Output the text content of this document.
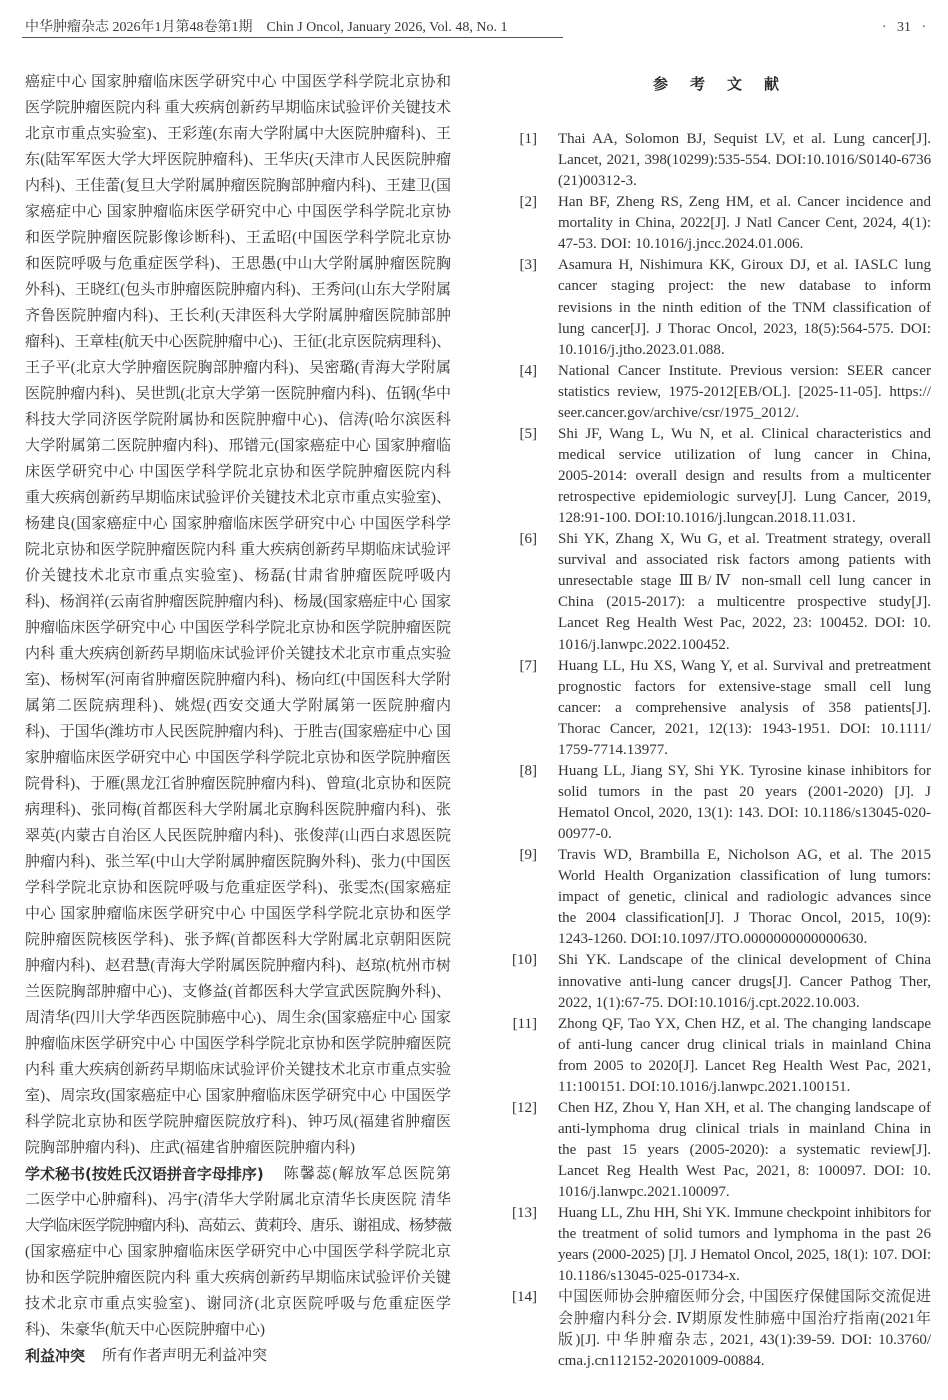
中华肿瘤杂志 2026年1月第48卷第1期 Chin J Oncol, January 2026, Vol. 48, No. 1	· 31 ·
癌症中心 国家肿瘤临床医学研究中心 中国医学科学院北京协和
医学院肿瘤医院内科 重大疾病创新药早期临床试验评价关键技术
北京市重点实验室)、王彩莲(东南大学附属中大医院肿瘤科)、王
东(陆军军医大学大坪医院肿瘤科)、王华庆(天津市人民医院肿瘤
内科)、王佳蕾(复旦大学附属肿瘤医院胸部肿瘤内科)、王建卫(国
家癌症中心 国家肿瘤临床医学研究中心 中国医学科学院北京协
和医学院肿瘤医院影像诊断科)、王孟昭(中国医学科学院北京协
和医院呼吸与危重症医学科)、王思愚(中山大学附属肿瘤医院胸
外科)、王晓红(包头市肿瘤医院肿瘤内科)、王秀问(山东大学附属
齐鲁医院肿瘤内科)、王长利(天津医科大学附属肿瘤医院肺部肿
瘤科)、王章桂(航天中心医院肿瘤中心)、王征(北京医院病理科)、
王子平(北京大学肿瘤医院胸部肿瘤内科)、吴密璐(青海大学附属
医院肿瘤内科)、吴世凯(北京大学第一医院肿瘤内科)、伍钢(华中
科技大学同济医学院附属协和医院肿瘤中心)、信涛(哈尔滨医科
大学附属第二医院肿瘤内科)、邢镨元(国家癌症中心 国家肿瘤临
床医学研究中心 中国医学科学院北京协和医学院肿瘤医院内科
重大疾病创新药早期临床试验评价关键技术北京市重点实验室)、
杨建良(国家癌症中心 国家肿瘤临床医学研究中心 中国医学科学
院北京协和医学院肿瘤医院内科 重大疾病创新药早期临床试验评
价关键技术北京市重点实验室)、杨磊(甘肃省肿瘤医院呼吸内
科)、杨润祥(云南省肿瘤医院肿瘤内科)、杨晟(国家癌症中心 国家
肿瘤临床医学研究中心 中国医学科学院北京协和医学院肿瘤医院
内科 重大疾病创新药早期临床试验评价关键技术北京市重点实验
室)、杨树军(河南省肿瘤医院肿瘤内科)、杨向红(中国医科大学附
属第二医院病理科)、姚煜(西安交通大学附属第一医院肿瘤内
科)、于国华(潍坊市人民医院肿瘤内科)、于胜吉(国家癌症中心 国
家肿瘤临床医学研究中心 中国医学科学院北京协和医学院肿瘤医
院骨科)、于雁(黑龙江省肿瘤医院肿瘤内科)、曾瑄(北京协和医院
病理科)、张同梅(首都医科大学附属北京胸科医院肿瘤内科)、张
翠英(内蒙古自治区人民医院肿瘤内科)、张俊萍(山西白求恩医院
肿瘤内科)、张兰军(中山大学附属肿瘤医院胸外科)、张力(中国医
学科学院北京协和医院呼吸与危重症医学科)、张雯杰(国家癌症
中心 国家肿瘤临床医学研究中心 中国医学科学院北京协和医学
院肿瘤医院核医学科)、张予辉(首都医科大学附属北京朝阳医院
肿瘤内科)、赵君慧(青海大学附属医院肿瘤内科)、赵琼(杭州市树
兰医院胸部肿瘤中心)、支修益(首都医科大学宣武医院胸外科)、
周清华(四川大学华西医院肺癌中心)、周生余(国家癌症中心 国家
肿瘤临床医学研究中心 中国医学科学院北京协和医学院肿瘤医院
内科 重大疾病创新药早期临床试验评价关键技术北京市重点实验
室)、周宗玫(国家癌症中心 国家肿瘤临床医学研究中心 中国医学
科学院北京协和医学院肿瘤医院放疗科)、钟巧凤(福建省肿瘤医
院胸部肿瘤内科)、庄武(福建省肿瘤医院肿瘤内科)
学术秘书(按姓氏汉语拼音字母排序) 陈馨蕊(解放军总医院第
二医学中心肿瘤科)、冯宇(清华大学附属北京清华长庚医院 清华
大学临床医学院肿瘤内科)、高茹云、黄莉玲、唐乐、谢祖成、杨梦薇
(国家癌症中心 国家肿瘤临床医学研究中心中国医学科学院北京
协和医学院肿瘤医院内科 重大疾病创新药早期临床试验评价关键
技术北京市重点实验室)、谢同济(北京医院呼吸与危重症医学
科)、朱豪华(航天中心医院肿瘤中心)
利益冲突 所有作者声明无利益冲突
参考文献
[1] Thai AA, Solomon BJ, Sequist LV, et al. Lung cancer[J].
Lancet, 2021, 398(10299):535-554. DOI:10.1016/S0140-6736
(21)00312-3.
[2] Han BF, Zheng RS, Zeng HM, et al. Cancer incidence and
mortality in China, 2022[J]. J Natl Cancer Cent, 2024, 4(1):
47-53. DOI: 10.1016/j.jncc.2024.01.006.
[3] Asamura H, Nishimura KK, Giroux DJ, et al. IASLC lung
cancer staging project: the new database to inform
revisions in the ninth edition of the TNM classification of
lung cancer[J]. J Thorac Oncol, 2023, 18(5):564-575. DOI:
10.1016/j.jtho.2023.01.088.
[4] National Cancer Institute. Previous version: SEER cancer
statistics review, 1975-2012[EB/OL]. [2025-11-05]. https://
seer.cancer.gov/archive/csr/1975_2012/.
[5] Shi JF, Wang L, Wu N, et al. Clinical characteristics and
medical service utilization of lung cancer in China,
2005-2014: overall design and results from a multicenter
retrospective epidemiologic survey[J]. Lung Cancer, 2019,
128:91-100. DOI:10.1016/j.lungcan.2018.11.031.
[6] Shi YK, Zhang X, Wu G, et al. Treatment strategy, overall
survival and associated risk factors among patients with
unresectable stage ⅢB/Ⅳ non-small cell lung cancer in
China (2015-2017): a multicentre prospective study[J].
Lancet Reg Health West Pac, 2022, 23: 100452. DOI: 10.
1016/j.lanwpc.2022.100452.
[7] Huang LL, Hu XS, Wang Y, et al. Survival and pretreatment
prognostic factors for extensive-stage small cell lung
cancer: a comprehensive analysis of 358 patients[J].
Thorac Cancer, 2021, 12(13): 1943-1951. DOI: 10.1111/
1759-7714.13977.
[8] Huang LL, Jiang SY, Shi YK. Tyrosine kinase inhibitors for
solid tumors in the past 20 years (2001-2020) [J]. J
Hematol Oncol, 2020, 13(1): 143. DOI: 10.1186/s13045-020-
00977-0.
[9] Travis WD, Brambilla E, Nicholson AG, et al. The 2015
World Health Organization classification of lung tumors:
impact of genetic, clinical and radiologic advances since
the 2004 classification[J]. J Thorac Oncol, 2015, 10(9):
1243-1260. DOI:10.1097/JTO.0000000000000630.
[10] Shi YK. Landscape of the clinical development of China
innovative anti-lung cancer drugs[J]. Cancer Pathog Ther,
2022, 1(1):67-75. DOI:10.1016/j.cpt.2022.10.003.
[11] Zhong QF, Tao YX, Chen HZ, et al. The changing landscape
of anti-lung cancer drug clinical trials in mainland China
from 2005 to 2020[J]. Lancet Reg Health West Pac, 2021,
11:100151. DOI:10.1016/j.lanwpc.2021.100151.
[12] Chen HZ, Zhou Y, Han XH, et al. The changing landscape of
anti-lymphoma drug clinical trials in mainland China in
the past 15 years (2005-2020): a systematic review[J].
Lancet Reg Health West Pac, 2021, 8: 100097. DOI: 10.
1016/j.lanwpc.2021.100097.
[13] Huang LL, Zhu HH, Shi YK. Immune checkpoint inhibitors for
the treatment of solid tumors and lymphoma in the past 26
years (2000-2025) [J]. J Hematol Oncol, 2025, 18(1): 107. DOI:
10.1186/s13045-025-01734-x.
[14] 中国医师协会肿瘤医师分会, 中国医疗保健国际交流促进
会肿瘤内科分会. Ⅳ期原发性肺癌中国治疗指南(2021年
版)[J]. 中华肿瘤杂志, 2021, 43(1):39-59. DOI: 10.3760/
cma.j.cn112152-20201009-00884.
